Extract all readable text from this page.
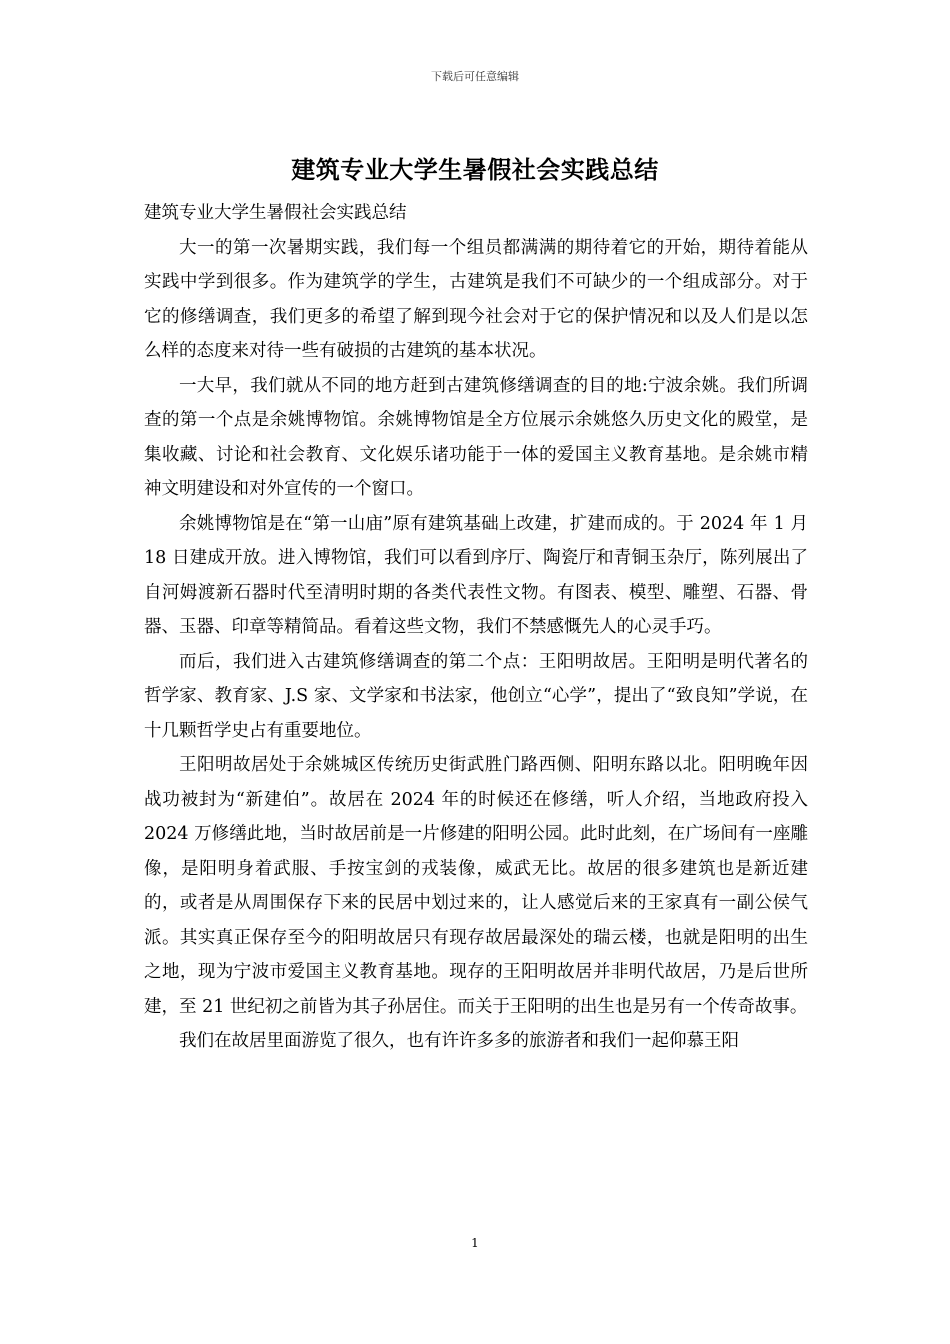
下载后可任意编辑
建筑专业大学生暑假社会实践总结

建筑专业大学生暑假社会实践总结

大一的第一次暑期实践，我们每一个组员都满满的期待着它的开始，期待着能从实践中学到很多。作为建筑学的学生，古建筑是我们不可缺少的一个组成部分。对于它的修缮调查，我们更多的希望了解到现今社会对于它的保护情况和以及人们是以怎么样的态度来对待一些有破损的古建筑的基本状况。

一大早，我们就从不同的地方赶到古建筑修缮调查的目的地:宁波余姚。我们所调查的第一个点是余姚博物馆。余姚博物馆是全方位展示余姚悠久历史文化的殿堂，是集收藏、讨论和社会教育、文化娱乐诸功能于一体的爱国主义教育基地。是余姚市精神文明建设和对外宣传的一个窗口。

余姚博物馆是在“第一山庙”原有建筑基础上改建，扩建而成的。于 2024 年 1 月 18 日建成开放。进入博物馆，我们可以看到序厅、陶瓷厅和青铜玉杂厅，陈列展出了自河姆渡新石器时代至清明时期的各类代表性文物。有图表、模型、雕塑、石器、骨器、玉器、印章等精简品。看着这些文物，我们不禁感慨先人的心灵手巧。

而后，我们进入古建筑修缮调查的第二个点：王阳明故居。王阳明是明代著名的哲学家、教育家、J.S 家、文学家和书法家，他创立“心学”，提出了“致良知”学说，在十几颗哲学史占有重要地位。

王阳明故居处于余姚城区传统历史街武胜门路西侧、阳明东路以北。阳明晚年因战功被封为“新建伯”。故居在 2024 年的时候还在修缮，听人介绍，当地政府投入 2024 万修缮此地，当时故居前是一片修建的阳明公园。此时此刻，在广场间有一座雕像，是阳明身着武服、手按宝剑的戎装像，威武无比。故居的很多建筑也是新近建的，或者是从周围保存下来的民居中划过来的，让人感觉后来的王家真有一副公侯气派。其实真正保存至今的阳明故居只有现存故居最深处的瑞云楼，也就是阳明的出生之地，现为宁波市爱国主义教育基地。现存的王阳明故居并非明代故居，乃是后世所建，至 21 世纪初之前皆为其子孙居住。而关于王阳明的出生也是另有一个传奇故事。

我们在故居里面游览了很久，也有许许多多的旅游者和我们一起仰慕王阳

1
